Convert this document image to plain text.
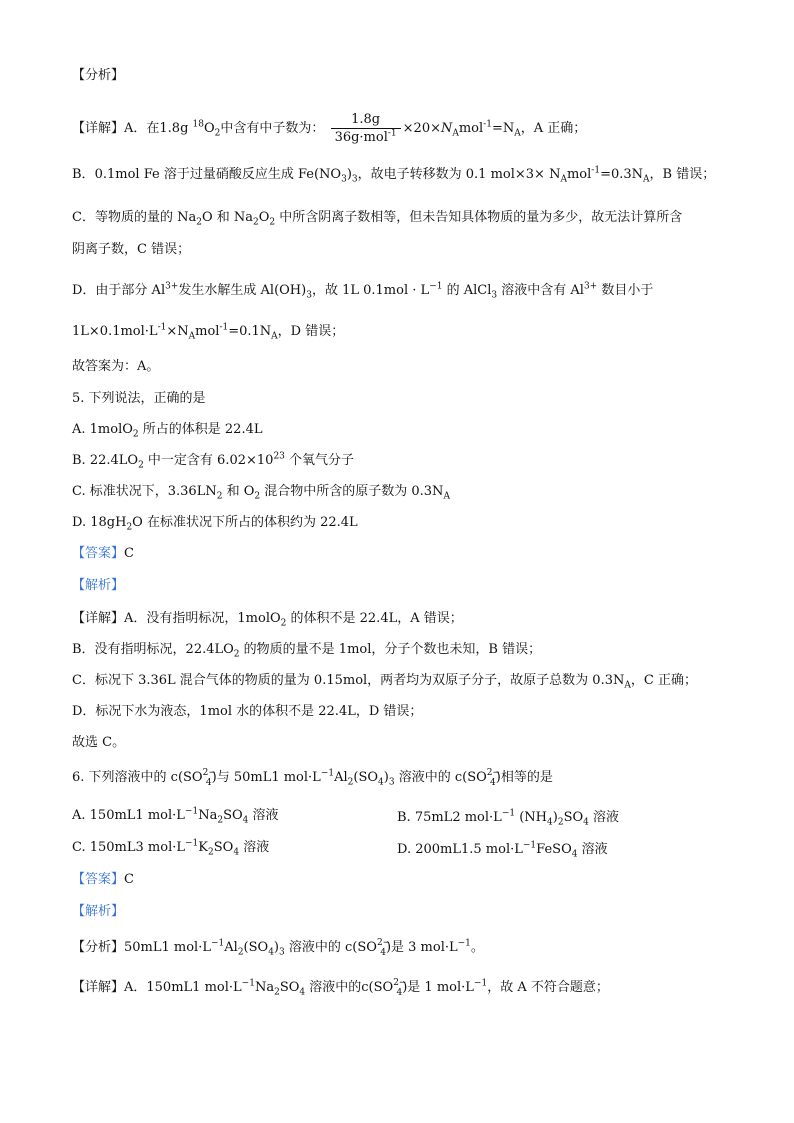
【分析】
【详解】A．在1.8g $^{18}O_2$中含有中子数为： $\frac{1.8g}{36g\cdot mol^{-1}} \times 20\times N_Amol^{-1}=N_A$，A 正确；
B．0.1mol Fe 溶于过量硝酸反应生成 $Fe(NO_3)_3$，故电子转移数为 0.1 $mol\times 3\times N_Amol^{-1}=0.3N_A$，B 错误；
C．等物质的量的 $Na_2O$ 和 $Na_2O_2$ 中所含阴离子数相等，但未告知具体物质的量为多少，故无法计算所含
阴离子数，C 错误；
D．由于部分 $Al^{3+}$发生水解生成 $Al(OH)_3$，故 1L $0.1mol \cdot L^{-1}$ 的 AlCl$_3$ 溶液中含有 $Al^{3+}$ 数目小于
$1L\times 0.1mol\cdot L^{-1}\times N_Amol^{-1}=0.1N_A$，D 错误；
故答案为：A。
5. 下列说法，正确的是
A. 1molO$_2$ 所占的体积是 22.4L
B. $22.4LO_2$ 中一定含有 $6.02\times 10^{23}$ 个氧气分子
C. 标准状况下，$3.36LN_2$ 和 $O_2$ 混合物中所含的原子数为 $0.3N_A$
D. $18gH_2O$ 在标准状况下所占的体积约为 22.4L
【答案】C
【解析】
【详解】A．没有指明标况，1molO$_2$ 的体积不是 22.4L，A 错误；
B．没有指明标况，$22.4LO_2$ 的物质的量不是 1mol，分子个数也未知，B 错误；
C．标况下 3.36L 混合气体的物质的量为 0.15mol，两者均为双原子分子，故原子总数为 $0.3N_A$，C 正确；
D．标况下水为液态，1mol 水的体积不是 22.4L，D 错误；
故选 C。
6. 下列溶液中的 $c(SO^{2-}_4)$与 50mL1 $mol\cdot L^{-1}Al_2(SO_4)_3$ 溶液中的 $c(SO^{2-}_4)$相等的是
A. 150mL1 $mol\cdot L^{-1}Na_2SO_4$ 溶液	B. 75mL2 $mol\cdot L^{-1}$ $(NH_4)_2SO_4$ 溶液
C. 150mL3 $mol\cdot L^{-1}K_2SO_4$ 溶液	D. 200mL1.5 $mol\cdot L^{-1}FeSO_4$ 溶液
【答案】C
【解析】
【分析】50mL1 $mol\cdot L^{-1}Al_2(SO_4)_3$ 溶液中的 $c(SO^{2-}_4)$是 3 $mol\cdot L^{-1}$。
【详解】A．150mL1 $mol\cdot L^{-1}Na_2SO_4$ 溶液中的$c(SO^{2-}_4)$是 1 $mol\cdot L^{-1}$，故 A 不符合题意；
